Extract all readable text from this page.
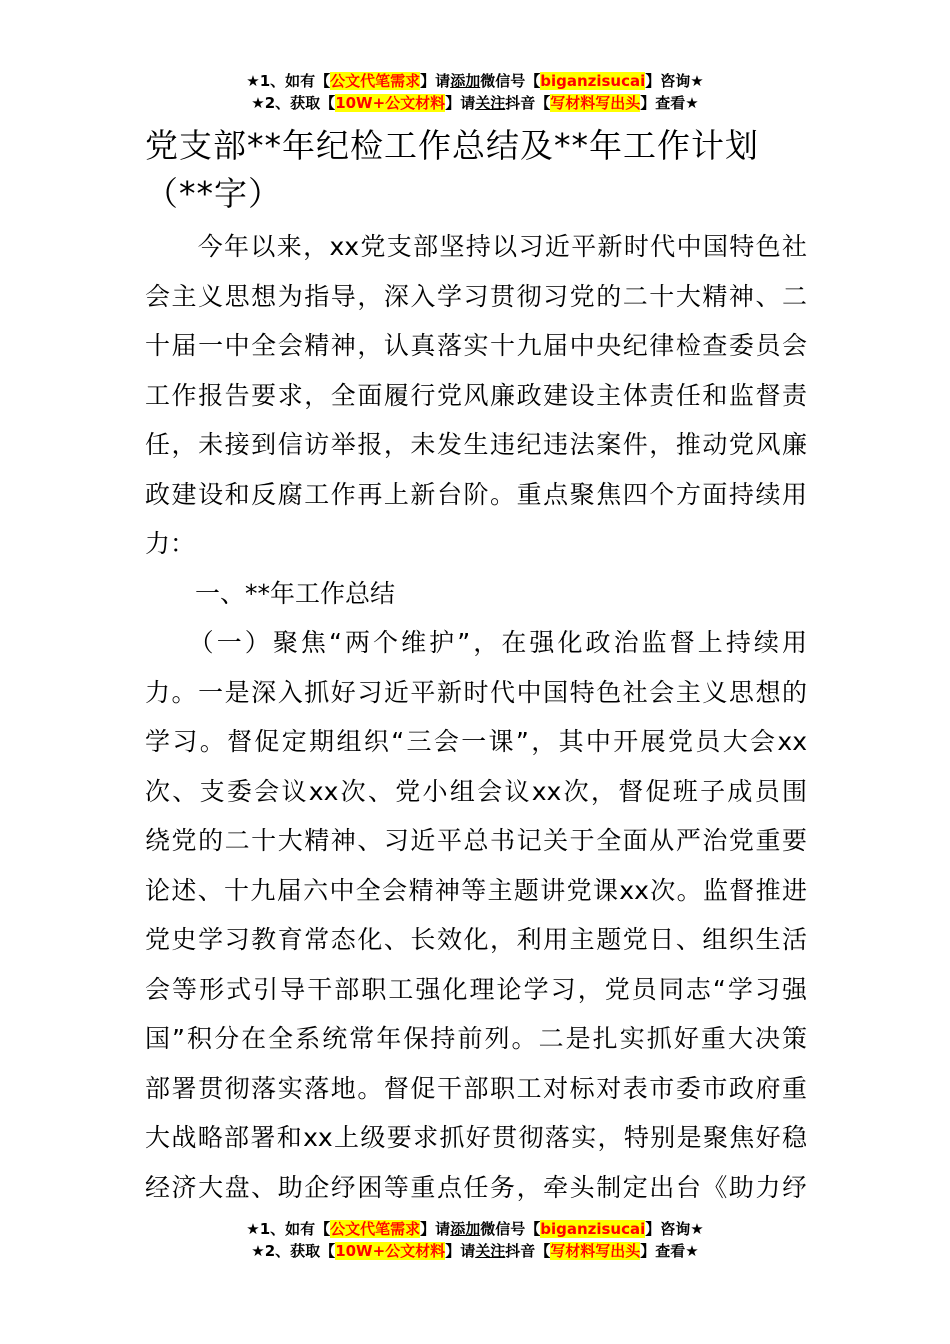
★1、如有【公文代笔需求】请添加微信号【biganzisucai】咨询★
★2、获取【10W+公文材料】请关注抖音【写材料写出头】查看★
党支部**年纪检工作总结及**年工作计划
（**字）
　　今年以来，xx党支部坚持以习近平新时代中国特色社
会主义思想为指导，深入学习贯彻习党的二十大精神、二
十届一中全会精神，认真落实十九届中央纪律检查委员会
工作报告要求，全面履行党风廉政建设主体责任和监督责
任，未接到信访举报，未发生违纪违法案件，推动党风廉
政建设和反腐工作再上新台阶。重点聚焦四个方面持续用
力：
　　一、**年工作总结
　　（一）聚焦“两个维护”，在强化政治监督上持续用
力。一是深入抓好习近平新时代中国特色社会主义思想的
学习。督促定期组织“三会一课”，其中开展党员大会xx
次、支委会议xx次、党小组会议xx次，督促班子成员围
绕党的二十大精神、习近平总书记关于全面从严治党重要
论述、十九届六中全会精神等主题讲党课xx次。监督推进
党史学习教育常态化、长效化，利用主题党日、组织生活
会等形式引导干部职工强化理论学习，党员同志“学习强
国”积分在全系统常年保持前列。二是扎实抓好重大决策
部署贯彻落实落地。督促干部职工对标对表市委市政府重
大战略部署和xx上级要求抓好贯彻落实，特别是聚焦好稳
经济大盘、助企纾困等重点任务，牵头制定出台《助力纾
★1、如有【公文代笔需求】请添加微信号【biganzisucai】咨询★
★2、获取【10W+公文材料】请关注抖音【写材料写出头】查看★
